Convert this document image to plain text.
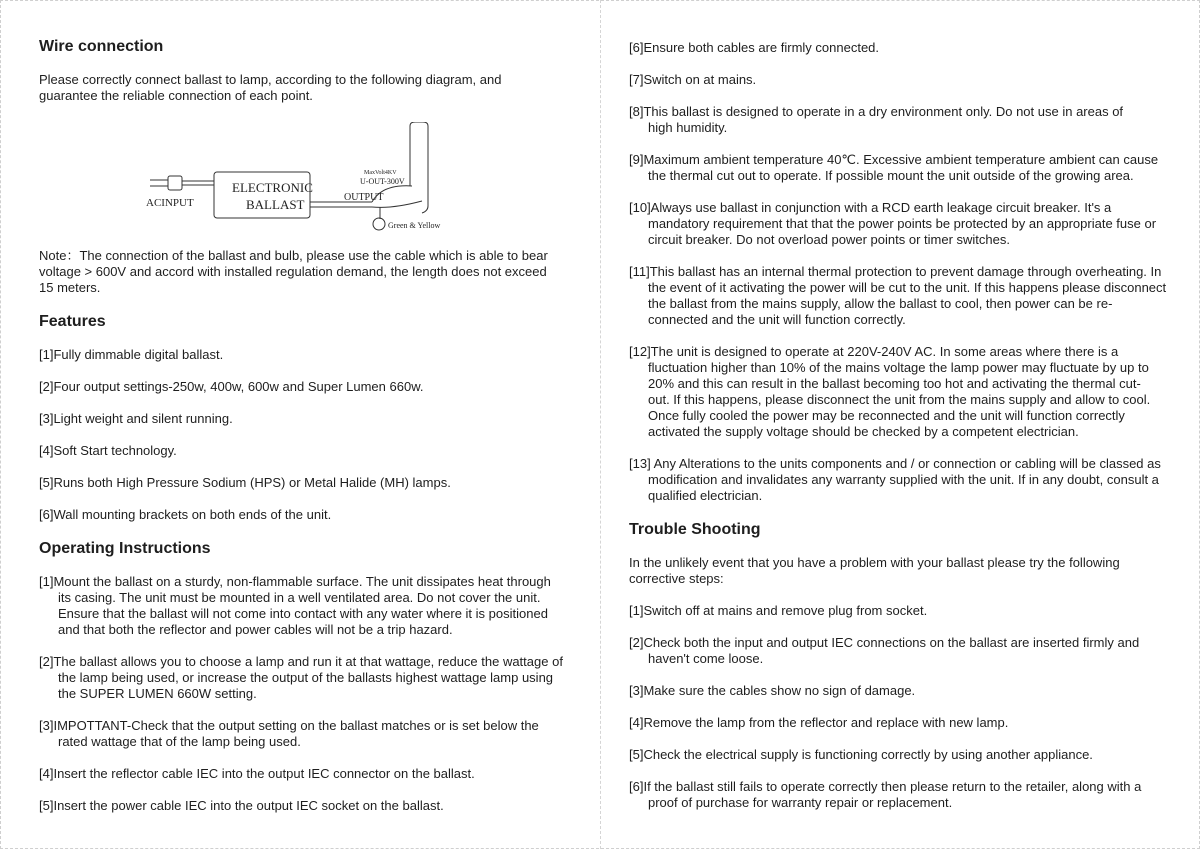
Wire connection
Please correctly connect ballast to lamp, according to the following diagram, and guarantee the reliable connection of each point.
ACINPUT
ELECTRONIC
BALLAST	OUTPUT
MaxVolt4KV
U-OUT-300V
Green & Yellow
Note：The connection of the ballast and bulb, please use the cable which is able to bear voltage > 600V and accord with installed regulation demand, the length does not exceed 15 meters.
Features
[1]Fully dimmable digital ballast.
[2]Four output settings-250w, 400w, 600w and Super Lumen 660w.
[3]Light weight and silent running.
[4]Soft Start technology.
[5]Runs both High Pressure Sodium (HPS) or Metal Halide (MH) lamps.
[6]Wall mounting brackets on both ends of the unit.
Operating Instructions
[1]Mount the ballast on a sturdy, non-flammable surface. The unit dissipates heat through its casing. The unit must be mounted in a well ventilated area. Do not cover the unit. Ensure that the ballast will not come into contact with any water where it is positioned and that both the reflector and power cables will not be a trip hazard.
[2]The ballast allows you to choose a lamp and run it at that wattage, reduce the wattage of the lamp being used, or increase the output of the ballasts highest wattage lamp using the SUPER LUMEN 660W setting.
[3]IMPOTTANT-Check that the output setting on the ballast matches or is set below the rated wattage that of the lamp being used.
[4]Insert the reflector cable IEC into the output IEC connector on the ballast.
[5]Insert the power cable IEC into the output IEC socket on the ballast.
[6]Ensure both cables are firmly connected.
[7]Switch on at mains.
[8]This ballast is designed to operate in a dry environment only. Do not use in areas of high humidity.
[9]Maximum ambient temperature 40℃. Excessive ambient temperature ambient can cause the thermal cut out to operate. If possible mount the unit outside of the growing area.
[10]Always use ballast in conjunction with a RCD earth leakage circuit breaker. It's a mandatory requirement that that the power points be protected by an appropriate fuse or circuit breaker. Do not overload power points or timer switches.
[11]This ballast has an internal thermal protection to prevent damage through overheating. In the event of it activating the power will be cut to the unit. If this happens please disconnect the ballast from the mains supply, allow the ballast to cool, then power can be re-connected and the unit will function correctly.
[12]The unit is designed to operate at 220V-240V AC. In some areas where there is a fluctuation higher than 10% of the mains voltage the lamp power may fluctuate by up to 20% and this can result in the ballast becoming too hot and activating the thermal cut-out. If this happens, please disconnect the unit from the mains supply and allow to cool. Once fully cooled the power may be reconnected and the unit will function correctly activated the supply voltage should be checked by a competent electrician.
[13] Any Alterations to the units components and / or connection or cabling will be classed as modification and invalidates any warranty supplied with the unit. If in any doubt, consult a qualified electrician.
Trouble Shooting
In the unlikely event that you have a problem with your ballast please try the following corrective steps:
[1]Switch off at mains and remove plug from socket.
[2]Check both the input and output IEC connections on the ballast are inserted firmly and haven't come loose.
[3]Make sure the cables show no sign of damage.
[4]Remove the lamp from the reflector and replace with new lamp.
[5]Check the electrical supply is functioning correctly by using another appliance.
[6]If the ballast still fails to operate correctly then please return to the retailer, along with a proof of purchase for warranty repair or replacement.
